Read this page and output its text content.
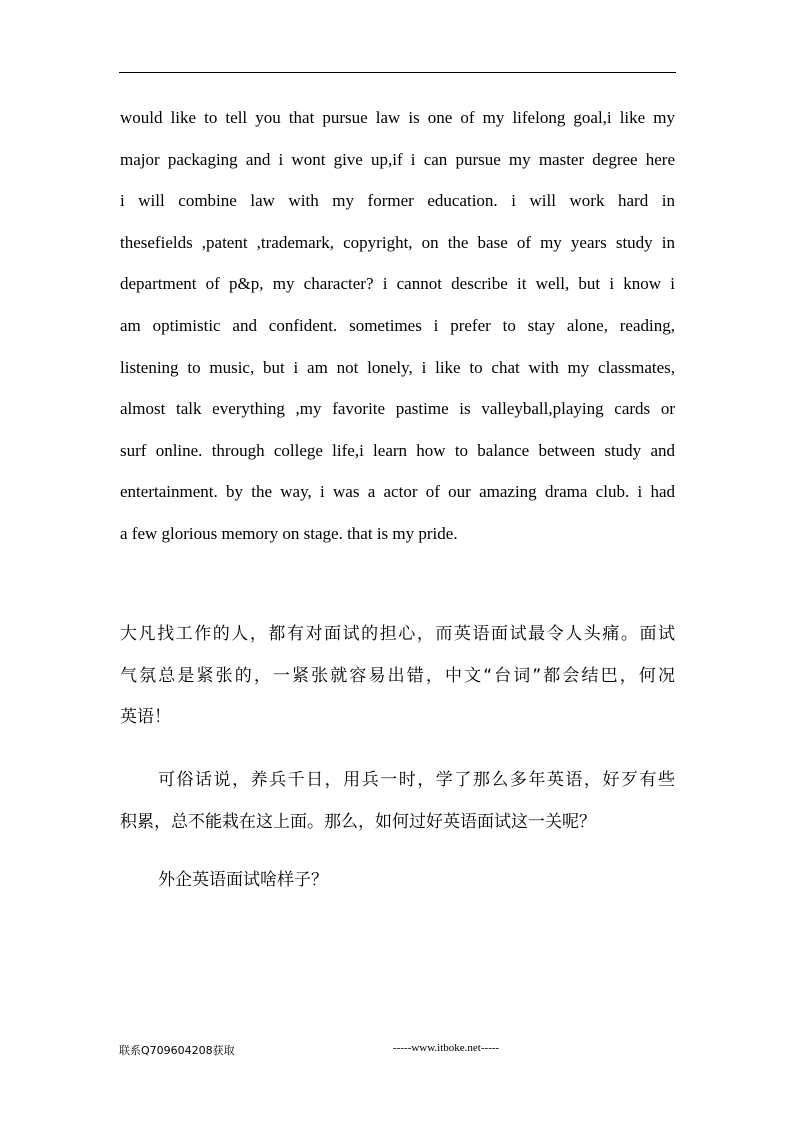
would like to tell you that pursue law is one of my lifelong goal,i like my
major packaging and i wont give up,if i can pursue my master degree here
i will combine law with my former education. i will work hard in
thesefields ,patent ,trademark, copyright, on the base of my years study in
department of p&p, my character? i cannot describe it well, but i know i
am optimistic and confident. sometimes i prefer to stay alone, reading,
listening to music, but i am not lonely, i like to chat with my classmates,
almost talk everything ,my favorite pastime is valleyball,playing cards or
surf online. through college life,i learn how to balance between study and
entertainment. by the way, i was a actor of our amazing drama club. i had
a few glorious memory on stage. that is my pride.
大凡找工作的人，都有对面试的担心，而英语面试最令人头痛。面试
气氛总是紧张的，一紧张就容易出错，中文“台词”都会结巴，何况
英语！
可俗话说，养兵千日，用兵一时，学了那么多年英语，好歹有些
积累，总不能栽在这上面。那么，如何过好英语面试这一关呢？
外企英语面试啥样子？
联系Q709604208获取	-----www.itboke.net-----
